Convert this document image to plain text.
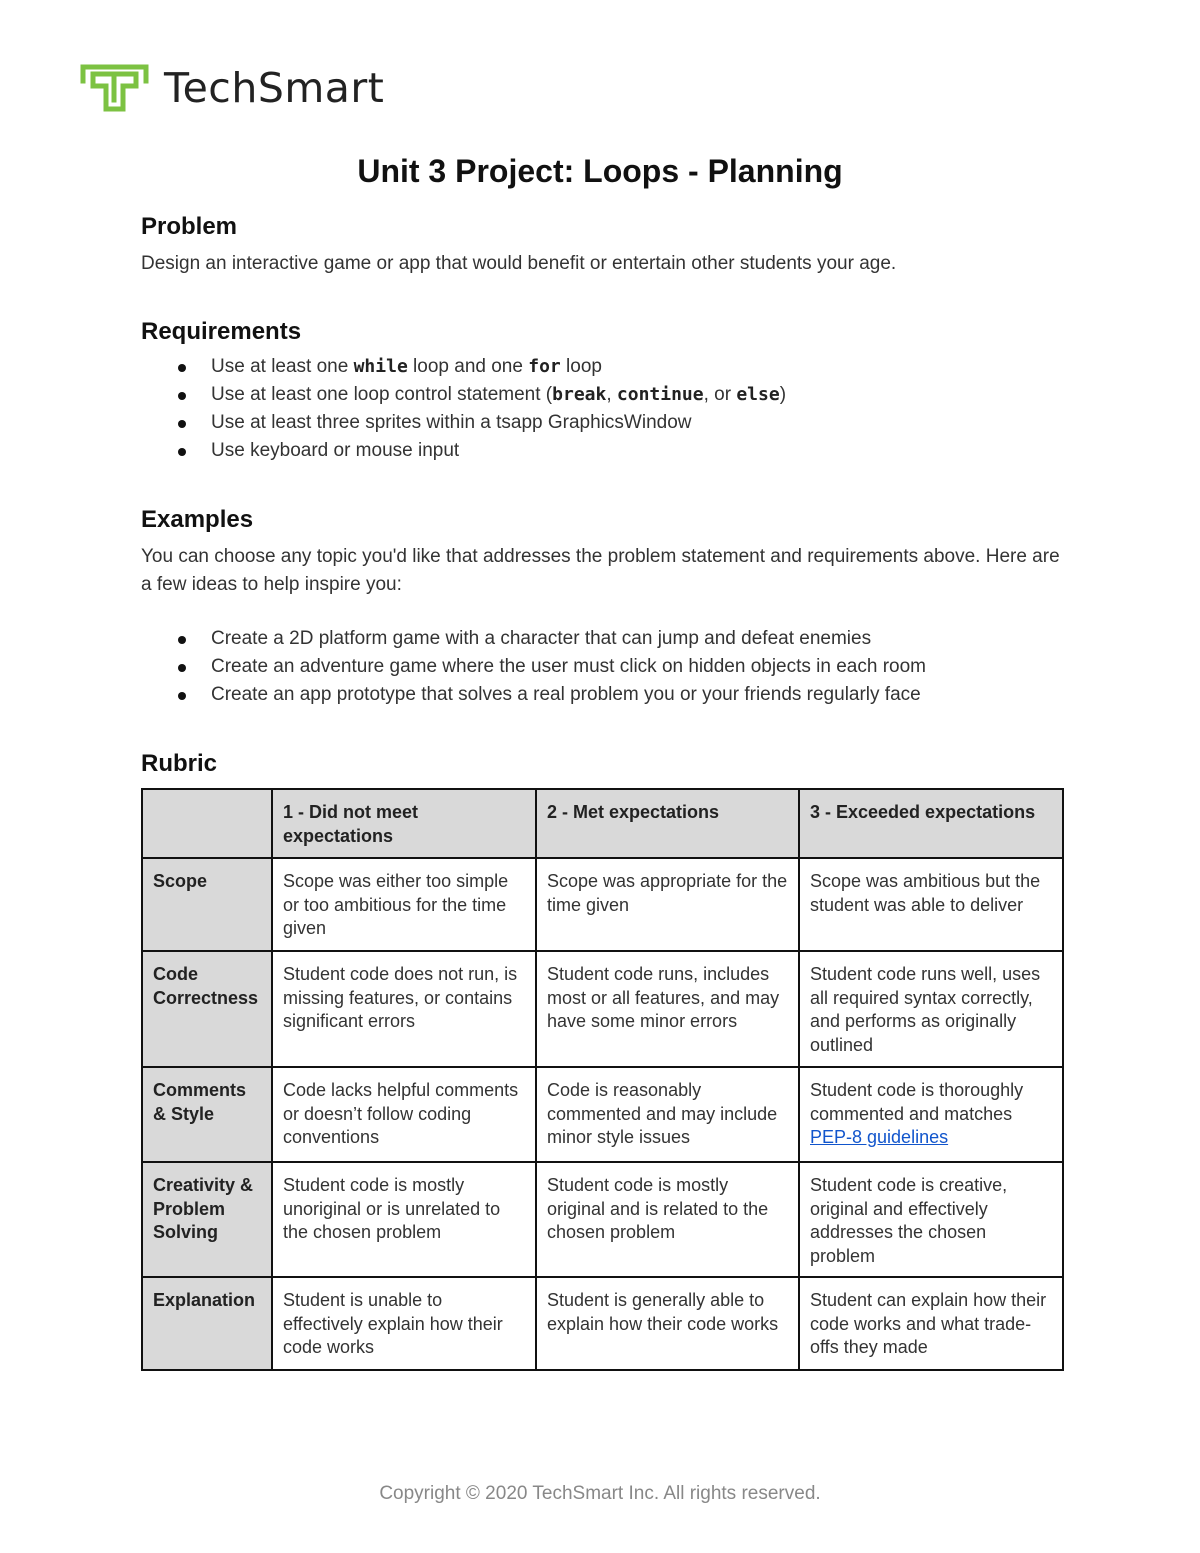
TechSmart
Unit 3 Project: Loops - Planning
Problem

Design an interactive game or app that would benefit or entertain other students your age.

Requirements
Use at least one while loop and one for loop
Use at least one loop control statement (break, continue, or else)
Use at least three sprites within a tsapp GraphicsWindow
Use keyboard or mouse input
Examples

You can choose any topic you'd like that addresses the problem statement and requirements above. Here are a few ideas to help inspire you:

Create a 2D platform game with a character that can jump and defeat enemies
Create an adventure game where the user must click on hidden objects in each room
Create an app prototype that solves a real problem you or your friends regularly face
Rubric
	1 - Did not meet expectations	2 - Met expectations	3 - Exceeded expectations
Scope	Scope was either too simple or too ambitious for the time given	Scope was appropriate for the time given	Scope was ambitious but the student was able to deliver
Code Correctness	Student code does not run, is missing features, or contains significant errors	Student code runs, includes most or all features, and may have some minor errors	Student code runs well, uses all required syntax correctly, and performs as originally outlined
Comments & Style	Code lacks helpful comments or doesn’t follow coding conventions	Code is reasonably commented and may include minor style issues	Student code is thoroughly commented and matches PEP-8 guidelines
Creativity & Problem Solving	Student code is mostly unoriginal or is unrelated to the chosen problem	Student code is mostly original and is related to the chosen problem	Student code is creative, original and effectively addresses the chosen problem
Explanation	Student is unable to effectively explain how their code works	Student is generally able to explain how their code works	Student can explain how their code works and what trade-offs they made
Copyright © 2020 TechSmart Inc. All rights reserved.
